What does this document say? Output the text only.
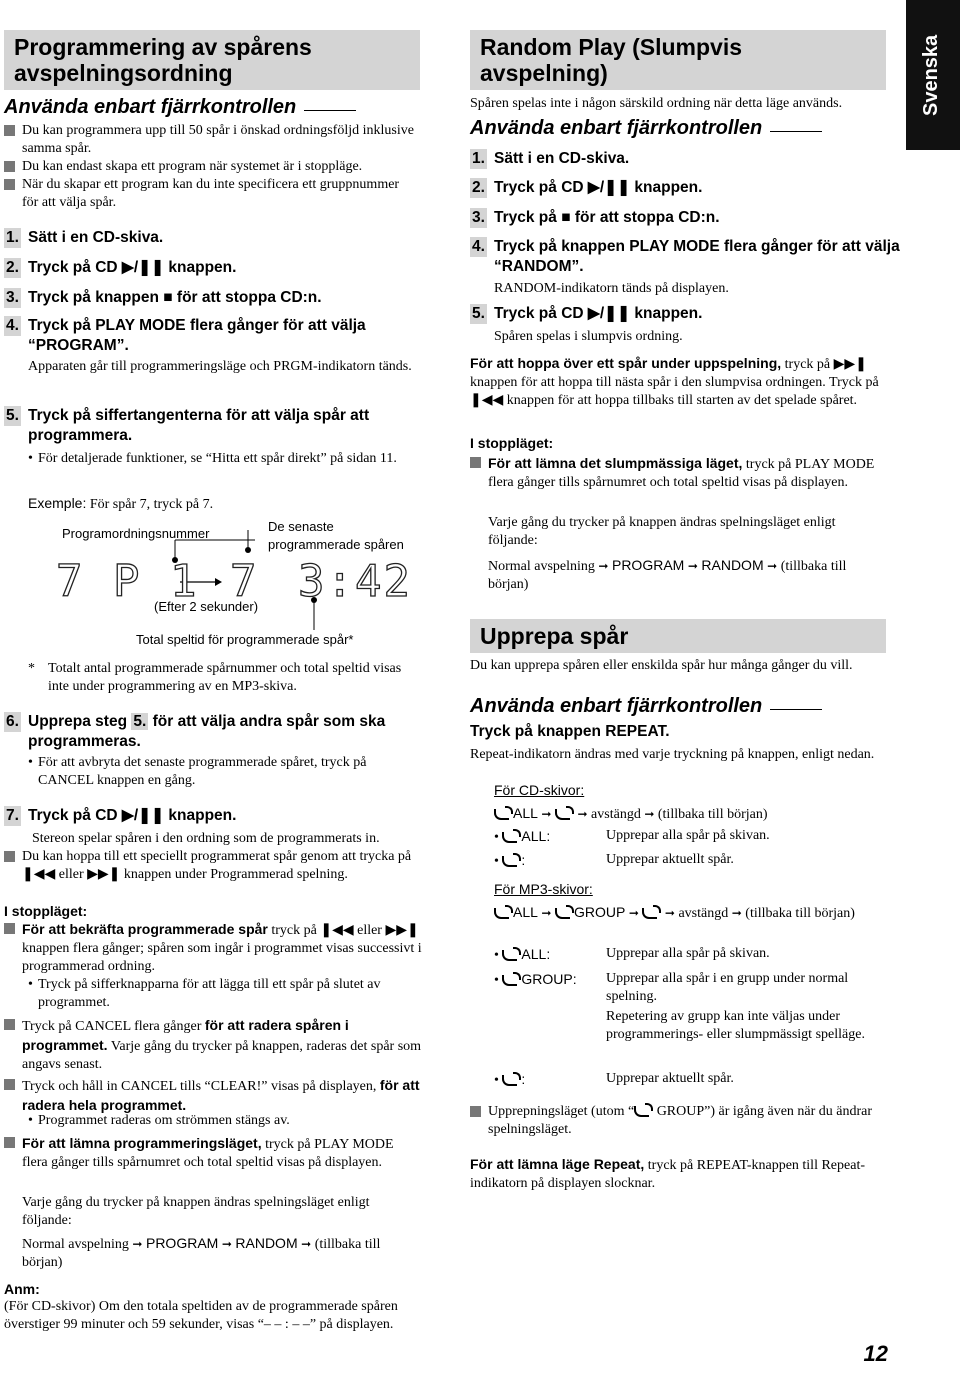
Svenska
Programmering av spårens avspelningsordning
Använda enbart fjärrkontrollen
Du kan programmera upp till 50 spår i önskad ordningsföljd inklusive samma spår.
Du kan endast skapa ett program när systemet är i stoppläge.
När du skapar ett program kan du inte specificera ett gruppnummer för att välja spår.
1. Sätt i en CD-skiva.
2. Tryck på CD ▶/❚❚ knappen.
3. Tryck på knappen ■ för att stoppa CD:n.
4. Tryck på PLAY MODE flera gånger för att välja “PROGRAM”.
Apparaten går till programmeringsläge och PRGM-indikatorn tänds.
5. Tryck på siffertangenterna för att välja spår att programmera.
• För detaljerade funktioner, se “Hitta ett spår direkt” på sidan 11.
Exemple: För spår 7, tryck på 7.
Programordningsnummer	De senaste
programmerade spåren
7 P 1 7 3:42
(Efter 2 sekunder)
Total speltid för programmerade spår*
* Totalt antal programmerade spårnummer och total speltid visas inte under programmering av en MP3-skiva.
6. Upprepa steg 5. för att välja andra spår som ska programmeras.
• För att avbryta det senaste programmerade spåret, tryck på CANCEL knappen en gång.
7. Tryck på CD ▶/❚❚ knappen.
Stereon spelar spåren i den ordning som de programmerats in.
Du kan hoppa till ett speciellt programmerat spår genom att trycka på ❚◀◀ eller ▶▶❚ knappen under Programmerad spelning.
I stoppläget:
För att bekräfta programmerade spår tryck på ❚◀◀ eller ▶▶❚ knappen flera gånger; spåren som ingår i programmet visas successivt i programmerad ordning.
• Tryck på sifferknapparna för att lägga till ett spår på slutet av programmet.
Tryck på CANCEL flera gånger för att radera spåren i programmet. Varje gång du trycker på knappen, raderas det spår som angavs senast.
Tryck och håll in CANCEL tills “CLEAR!” visas på displayen, för att radera hela programmet.
• Programmet raderas om strömmen stängs av.
För att lämna programmeringsläget, tryck på PLAY MODE flera gånger tills spårnumret och total speltid visas på displayen.
Varje gång du trycker på knappen ändras spelningsläget enligt följande:
Normal avspelning ➞ PROGRAM ➞ RANDOM ➞ (tillbaka till början)
Anm:
(För CD-skivor) Om den totala speltiden av de programmerade spåren överstiger 99 minuter och 59 sekunder, visas “– – : – –” på displayen.
Random Play (Slumpvis avspelning)
Spåren spelas inte i någon särskild ordning när detta läge används.
Använda enbart fjärrkontrollen
1. Sätt i en CD-skiva.
2. Tryck på CD ▶/❚❚ knappen.
3. Tryck på ■ för att stoppa CD:n.
4. Tryck på knappen PLAY MODE flera gånger för att välja “RANDOM”.
RANDOM-indikatorn tänds på displayen.
5. Tryck på CD ▶/❚❚ knappen.
Spåren spelas i slumpvis ordning.
För att hoppa över ett spår under uppspelning, tryck på ▶▶❚ knappen för att hoppa till nästa spår i den slumpvisa ordningen. Tryck på ❚◀◀ knappen för att hoppa tillbaks till starten av det spelade spåret.
I stoppläget:
För att lämna det slumpmässiga läget, tryck på PLAY MODE flera gånger tills spårnumret och total speltid visas på displayen.
Varje gång du trycker på knappen ändras spelningsläget enligt följande:
Normal avspelning ➞ PROGRAM ➞ RANDOM ➞ (tillbaka till början)
Upprepa spår
Du kan upprepa spåren eller enskilda spår hur många gånger du vill.
Använda enbart fjärrkontrollen
Tryck på knappen REPEAT.
Repeat-indikatorn ändras med varje tryckning på knappen, enligt nedan.
För CD-skivor:
ALL ➞ ➞ avstängd ➞ (tillbaka till början)
• ALL:	Upprepar alla spår på skivan.
• :	Upprepar aktuellt spår.
För MP3-skivor:
ALL ➞ GROUP ➞ ➞ avstängd ➞ (tillbaka till början)
• ALL:	Upprepar alla spår på skivan.
• GROUP: Upprepar alla spår i en grupp under normal spelning.
Repetering av grupp kan inte väljas under programmerings- eller slumpmässigt spelläge.
• :	Upprepar aktuellt spår.
Upprepningsläget (utom “ GROUP”) är igång även när du ändrar spelningsläget.
För att lämna läge Repeat, tryck på REPEAT-knappen till Repeat-indikatorn på displayen slocknar.
12
